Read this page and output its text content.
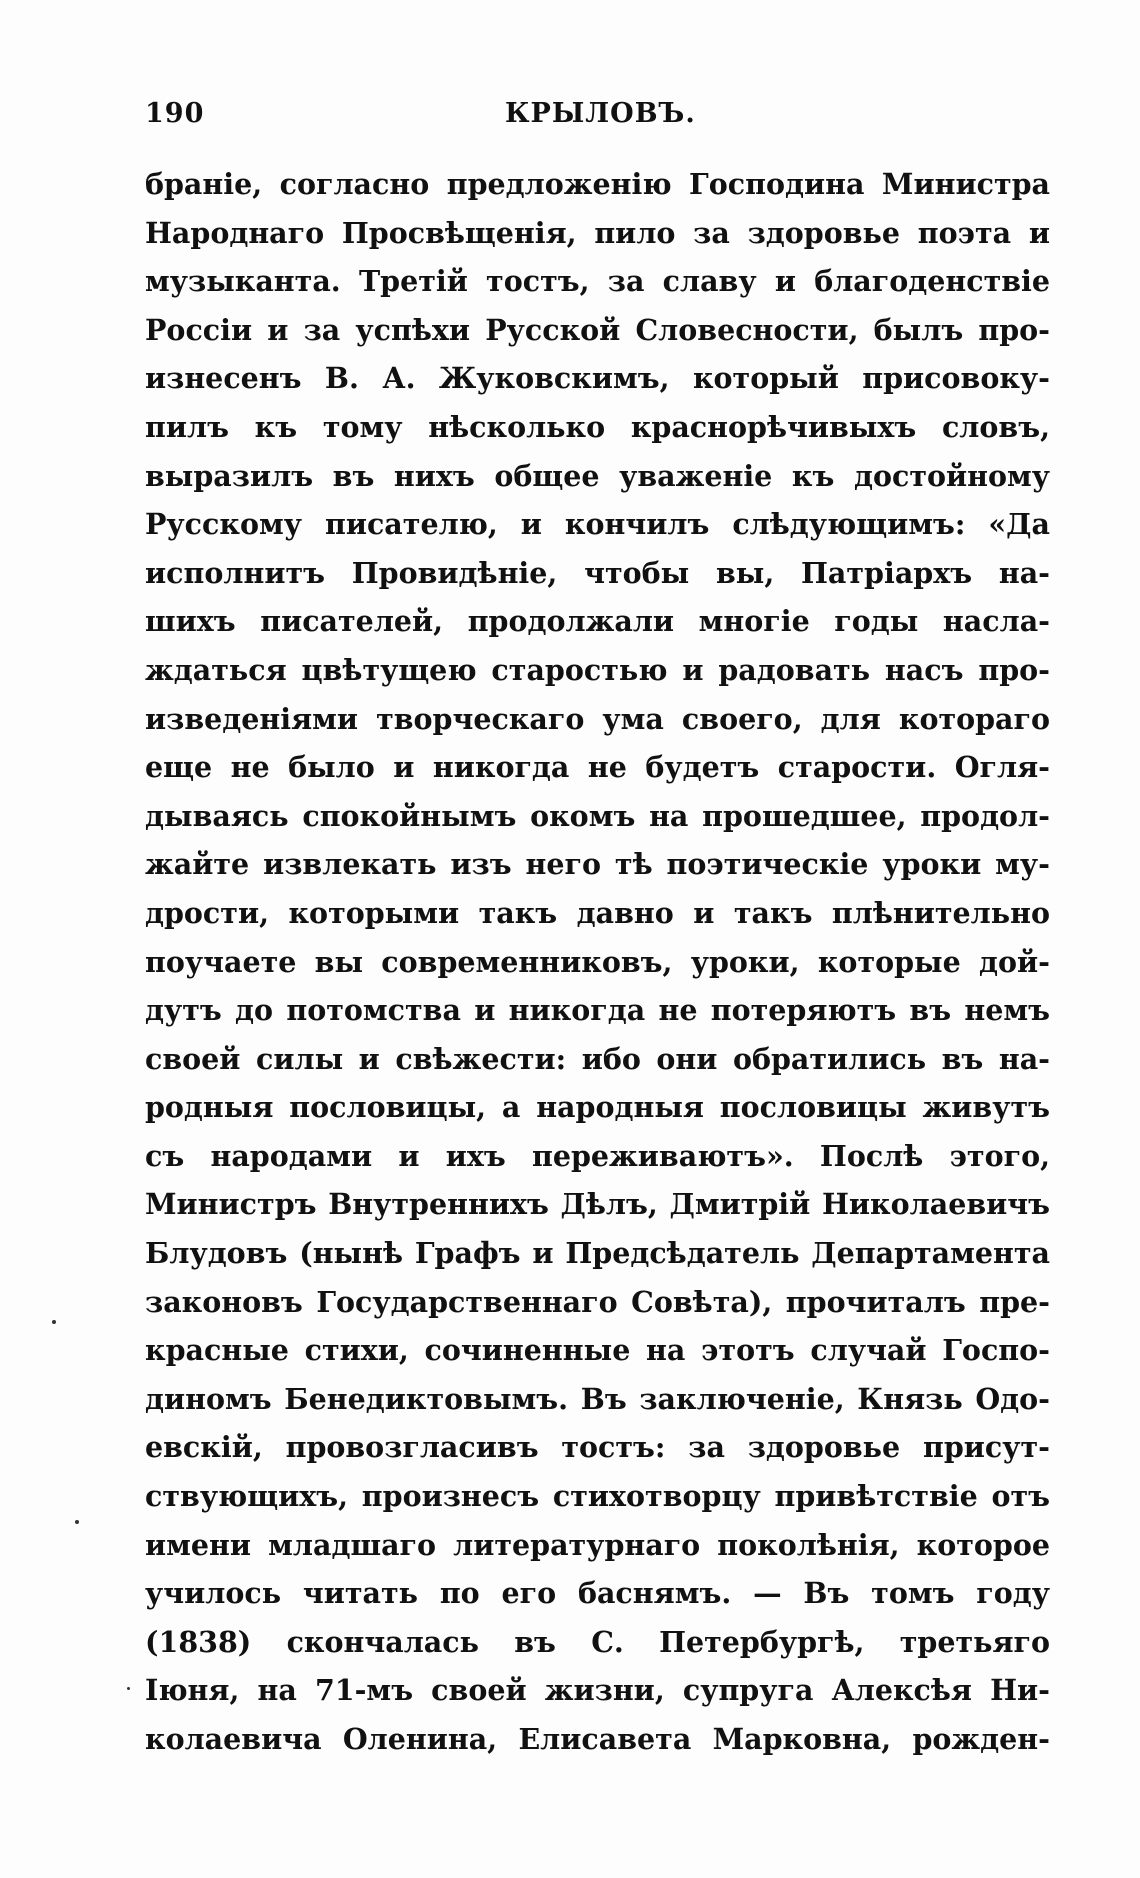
190	КРЫЛОВЪ.
браніе, согласно предложенію Господина Министра
Народнаго Просвѣщенія, пило за здоровье поэта и
музыканта. Третій тостъ, за славу и благоденствіе
Россіи и за успѣхи Русской Словесности, былъ про-
изнесенъ В. А. Жуковскимъ, который присовоку-
пилъ къ тому нѣсколько краснорѣчивыхъ словъ,
выразилъ въ нихъ общее уваженіе къ достойному
Русскому писателю, и кончилъ слѣдующимъ: «Да
исполнитъ Провидѣніе, чтобы вы, Патріархъ на-
шихъ писателей, продолжали многіе годы насла-
ждаться цвѣтущею старостью и радовать насъ про-
изведеніями творческаго ума своего, для котораго
еще не было и никогда не будетъ старости. Огля-
дываясь спокойнымъ окомъ на прошедшее, продол-
жайте извлекать изъ него тѣ поэтическіе уроки му-
дрости, которыми такъ давно и такъ плѣнительно
поучаете вы современниковъ, уроки, которые дой-
дутъ до потомства и никогда не потеряютъ въ немъ
своей силы и свѣжести: ибо они обратились въ на-
родныя пословицы, а народныя пословицы живутъ
съ народами и ихъ переживаютъ». Послѣ этого,
Министръ Внутреннихъ Дѣлъ, Дмитрій Николаевичъ
Блудовъ (нынѣ Графъ и Предсѣдатель Департамента
законовъ Государственнаго Совѣта), прочиталъ пре-
красные стихи, сочиненные на этотъ случай Госпо-
диномъ Бенедиктовымъ. Въ заключеніе, Князь Одо-
евскій, провозгласивъ тостъ: за здоровье присут-
ствующихъ, произнесъ стихотворцу привѣтствіе отъ
имени младшаго литературнаго поколѣнія, которое
училось читать по его баснямъ. — Въ томъ году
(1838) скончалась въ С. Петербургѣ, третьяго
Іюня, на 71-мъ своей жизни, супруга Алексѣя Ни-
колаевича Оленина, Елисавета Марковна, рожден-
